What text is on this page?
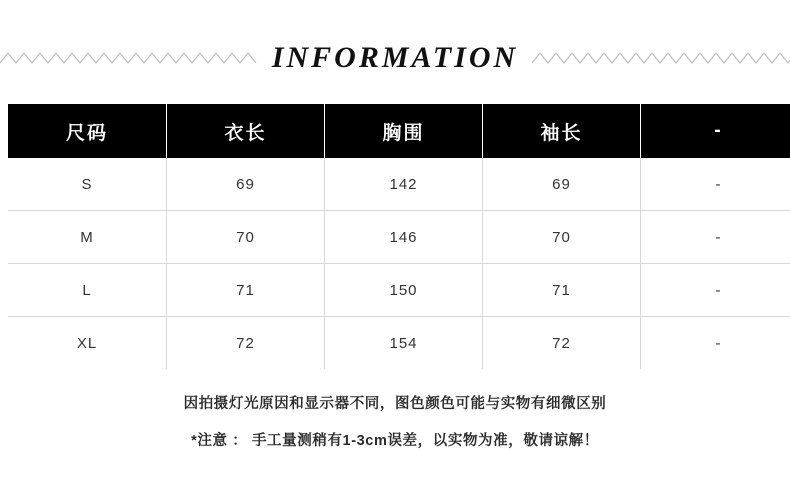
INFORMATION
尺码	衣长	胸围	袖长	-
S	69	142	69	-
M	70	146	70	-
L	71	150	71	-
XL	72	154	72	-
因拍摄灯光原因和显示器不同，图色颜色可能与实物有细微区别
*注意 ： 手工量测稍有1-3cm误差，以实物为准，敬请谅解！
